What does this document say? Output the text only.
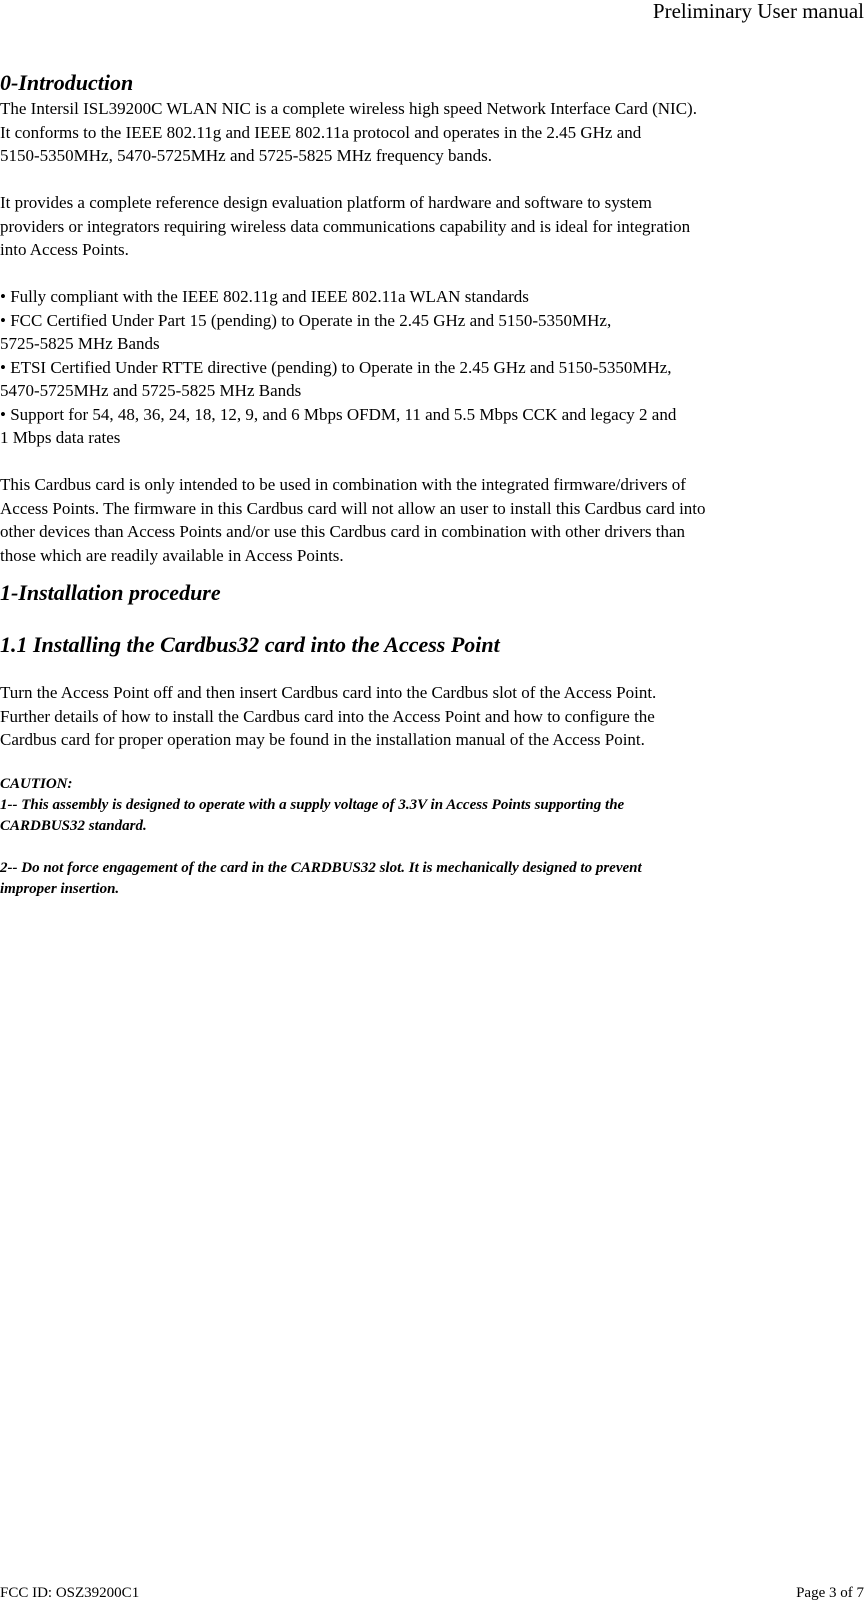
Preliminary User manual
0-Introduction

The Intersil ISL39200C WLAN NIC is a complete wireless high speed Network Interface Card (NIC).
It conforms to the IEEE 802.11g and IEEE 802.11a protocol and operates in the 2.45 GHz and
5150-5350MHz, 5470-5725MHz and 5725-5825 MHz frequency bands.

It provides a complete reference design evaluation platform of hardware and software to system
providers or integrators requiring wireless data communications capability and is ideal for integration
into Access Points.

• Fully compliant with the IEEE 802.11g and IEEE 802.11a WLAN standards
• FCC Certified Under Part 15 (pending) to Operate in the 2.45 GHz and 5150-5350MHz,
5725-5825 MHz Bands
• ETSI Certified Under RTTE directive (pending) to Operate in the 2.45 GHz and 5150-5350MHz,
5470-5725MHz and 5725-5825 MHz Bands
• Support for 54, 48, 36, 24, 18, 12, 9, and 6 Mbps OFDM, 11 and 5.5 Mbps CCK and legacy 2 and
1 Mbps data rates

This Cardbus card is only intended to be used in combination with the integrated firmware/drivers of
Access Points. The firmware in this Cardbus card will not allow an user to install this Cardbus card into
other devices than Access Points and/or use this Cardbus card in combination with other drivers than
those which are readily available in Access Points.

1-Installation procedure
1.1 Installing the Cardbus32 card into the Access Point

Turn the Access Point off and then insert Cardbus card into the Cardbus slot of the Access Point.
Further details of how to install the Cardbus card into the Access Point and how to configure the
Cardbus card for proper operation may be found in the installation manual of the Access Point.

CAUTION:
1-- This assembly is designed to operate with a supply voltage of 3.3V in Access Points supporting the
CARDBUS32 standard.
2-- Do not force engagement of the card in the CARDBUS32 slot. It is mechanically designed to prevent
improper insertion.
FCC ID: OSZ39200C1	Page 3 of 7
